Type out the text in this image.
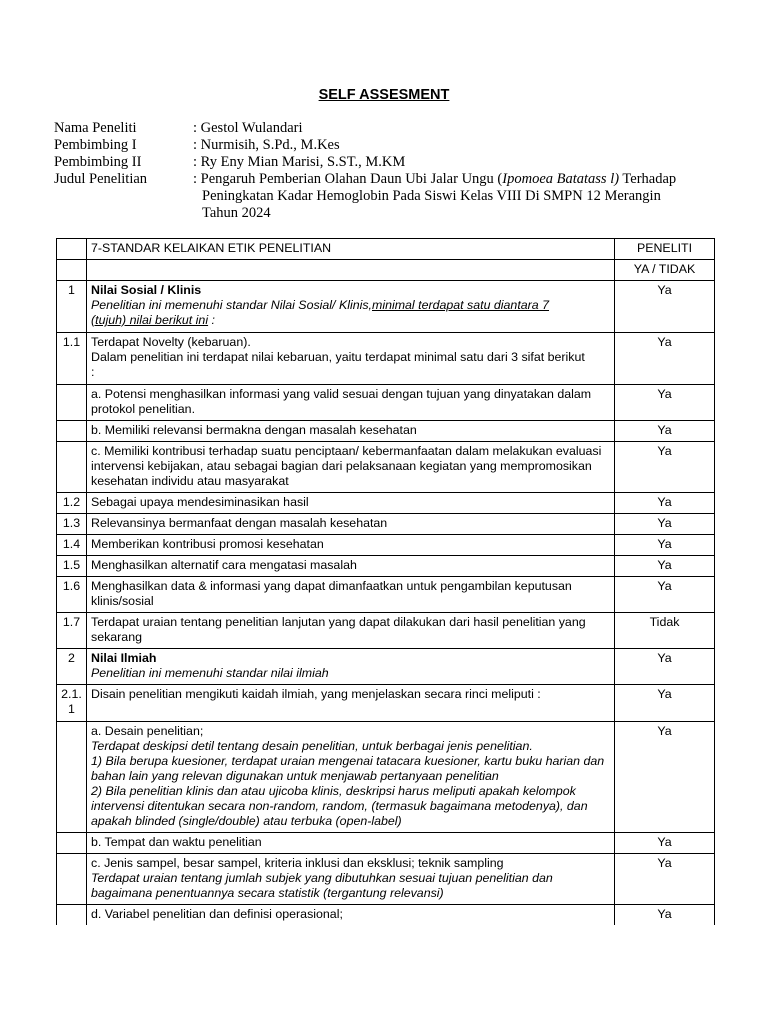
SELF ASSESMENT
Nama Peneliti	: Gestol Wulandari
Pembimbing I	: Nurmisih, S.Pd., M.Kes
Pembimbing II	: Ry Eny Mian Marisi, S.ST., M.KM
Judul Penelitian	: Pengaruh Pemberian Olahan Daun Ubi Jalar Ungu (Ipomoea Batatass l) Terhadap
Peningkatan Kadar Hemoglobin Pada Siswi Kelas VIII Di SMPN 12 Merangin
Tahun 2024
	7-STANDAR KELAIKAN ETIK PENELITIAN	PENELITI
		YA / TIDAK
1	Nilai Sosial / Klinis
Penelitian ini memenuhi standar Nilai Sosial/ Klinis,minimal terdapat satu diantara 7
(tujuh) nilai berikut ini :	Ya
1.1	Terdapat Novelty (kebaruan).
Dalam penelitian ini terdapat nilai kebaruan, yaitu terdapat minimal satu dari 3 sifat berikut
:	Ya
	a. Potensi menghasilkan informasi yang valid sesuai dengan tujuan yang dinyatakan dalam protokol penelitian.	Ya
	b. Memiliki relevansi bermakna dengan masalah kesehatan	Ya
	c. Memiliki kontribusi terhadap suatu penciptaan/ kebermanfaatan dalam melakukan evaluasi intervensi kebijakan, atau sebagai bagian dari pelaksanaan kegiatan yang mempromosikan kesehatan individu atau masyarakat	Ya
1.2	Sebagai upaya mendesiminasikan hasil	Ya
1.3	Relevansinya bermanfaat dengan masalah kesehatan	Ya
1.4	Memberikan kontribusi promosi kesehatan	Ya
1.5	Menghasilkan alternatif cara mengatasi masalah	Ya
1.6	Menghasilkan data & informasi yang dapat dimanfaatkan untuk pengambilan keputusan klinis/sosial	Ya
1.7	Terdapat uraian tentang penelitian lanjutan yang dapat dilakukan dari hasil penelitian yang sekarang	Tidak
2	Nilai Ilmiah
Penelitian ini memenuhi standar nilai ilmiah	Ya

2.1.
1	Disain penelitian mengikuti kaidah ilmiah, yang menjelaskan secara rinci meliputi :	Ya

	a. Desain penelitian;
Terdapat deskipsi detil tentang desain penelitian, untuk berbagai jenis penelitian.
1) Bila berupa kuesioner, terdapat uraian mengenai tatacara kuesioner, kartu buku harian dan bahan lain yang relevan digunakan untuk menjawab pertanyaan penelitian
2) Bila penelitian klinis dan atau ujicoba klinis, deskripsi harus meliputi apakah kelompok intervensi ditentukan secara non-random, random, (termasuk bagaimana metodenya), dan apakah blinded (single/double) atau terbuka (open-label)	Ya
	b. Tempat dan waktu penelitian	Ya

	c. Jenis sampel, besar sampel, kriteria inklusi dan eksklusi; teknik sampling
Terdapat uraian tentang jumlah subjek yang dibutuhkan sesuai tujuan penelitian dan bagaimana penentuannya secara statistik (tergantung relevansi)	Ya
	d. Variabel penelitian dan definisi operasional;	Ya
